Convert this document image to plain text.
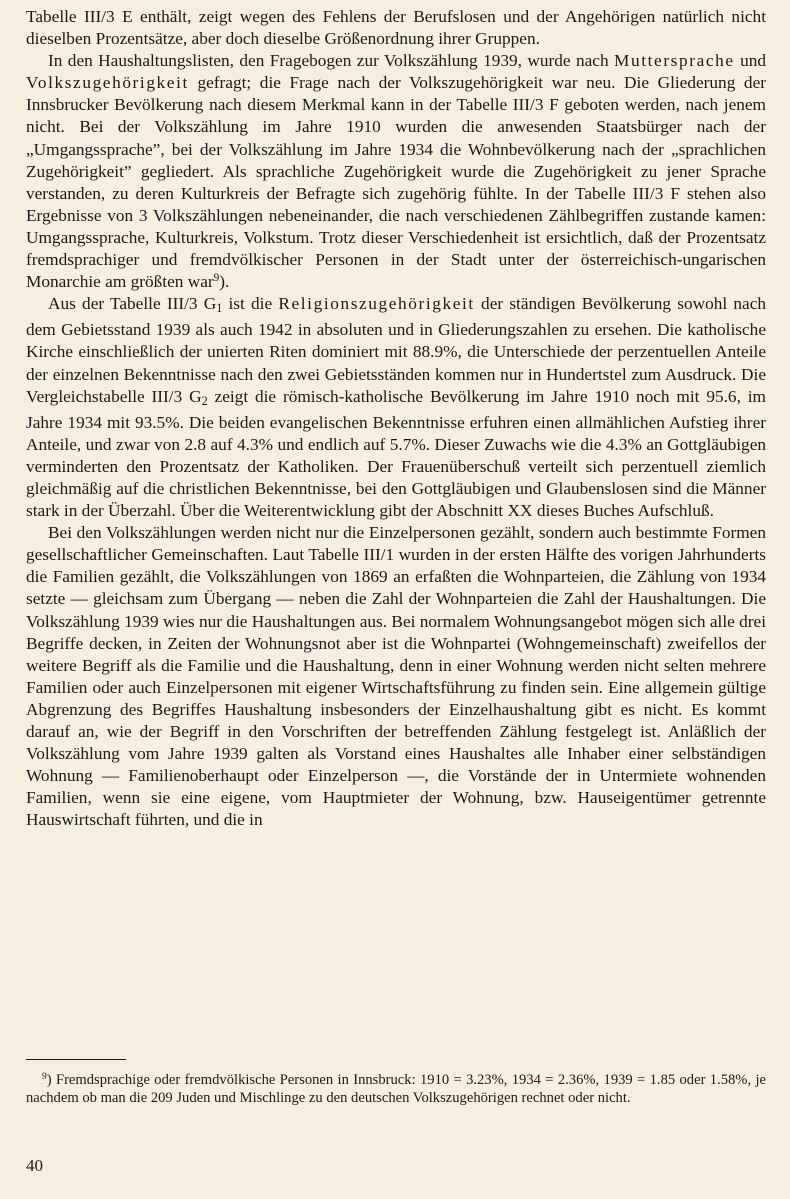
Tabelle III/3 E enthält, zeigt wegen des Fehlens der Berufslosen und der Angehörigen natürlich nicht dieselben Prozentsätze, aber doch dieselbe Größenordnung ihrer Gruppen.

In den Haushaltungslisten, den Fragebogen zur Volkszählung 1939, wurde nach Muttersprache und Volkszugehörigkeit gefragt; die Frage nach der Volkszugehörigkeit war neu. Die Gliederung der Innsbrucker Bevölkerung nach diesem Merkmal kann in der Tabelle III/3 F geboten werden, nach jenem nicht. Bei der Volkszählung im Jahre 1910 wurden die anwesenden Staatsbürger nach der „Umgangssprache”, bei der Volkszählung im Jahre 1934 die Wohnbevölkerung nach der „sprachlichen Zugehörigkeit” gegliedert. Als sprachliche Zugehörigkeit wurde die Zugehörigkeit zu jener Sprache verstanden, zu deren Kulturkreis der Befragte sich zugehörig fühlte. In der Tabelle III/3 F stehen also Ergebnisse von 3 Volkszählungen nebeneinander, die nach verschiedenen Zählbegriffen zustande kamen: Umgangssprache, Kulturkreis, Volkstum. Trotz dieser Verschiedenheit ist ersichtlich, daß der Prozentsatz fremdsprachiger und fremdvölkischer Personen in der Stadt unter der österreichisch-ungarischen Monarchie am größten war$^9$).

Aus der Tabelle III/3 $G_1$ ist die Religionszugehörigkeit der ständigen Bevölkerung sowohl nach dem Gebietsstand 1939 als auch 1942 in absoluten und in Gliederungszahlen zu ersehen. Die katholische Kirche einschließlich der unierten Riten dominiert mit 88.9%, die Unterschiede der perzentuellen Anteile der einzelnen Bekenntnisse nach den zwei Gebietsständen kommen nur in Hundertstel zum Ausdruck. Die Vergleichstabelle III/3 $G_2$ zeigt die römisch-katholische Bevölkerung im Jahre 1910 noch mit 95.6, im Jahre 1934 mit 93.5%. Die beiden evangelischen Bekenntnisse erfuhren einen allmählichen Aufstieg ihrer Anteile, und zwar von 2.8 auf 4.3% und endlich auf 5.7%. Dieser Zuwachs wie die 4.3% an Gottgläubigen verminderten den Prozentsatz der Katholiken. Der Frauenüberschuß verteilt sich perzentuell ziemlich gleichmäßig auf die christlichen Bekenntnisse, bei den Gottgläubigen und Glaubenslosen sind die Männer stark in der Überzahl. Über die Weiterentwicklung gibt der Abschnitt XX dieses Buches Aufschluß.

Bei den Volkszählungen werden nicht nur die Einzelpersonen gezählt, sondern auch bestimmte Formen gesellschaftlicher Gemeinschaften. Laut Tabelle III/1 wurden in der ersten Hälfte des vorigen Jahrhunderts die Familien gezählt, die Volkszählungen von 1869 an erfaßten die Wohnparteien, die Zählung von 1934 setzte — gleichsam zum Übergang — neben die Zahl der Wohnparteien die Zahl der Haushaltungen. Die Volkszählung 1939 wies nur die Haushaltungen aus. Bei normalem Wohnungsangebot mögen sich alle drei Begriffe decken, in Zeiten der Wohnungsnot aber ist die Wohnpartei (Wohngemeinschaft) zweifellos der weitere Begriff als die Familie und die Haushaltung, denn in einer Wohnung werden nicht selten mehrere Familien oder auch Einzelpersonen mit eigener Wirtschaftsführung zu finden sein. Eine allgemein gültige Abgrenzung des Begriffes Haushaltung insbesonders der Einzelhaushaltung gibt es nicht. Es kommt darauf an, wie der Begriff in den Vorschriften der betreffenden Zählung festgelegt ist. Anläßlich der Volkszählung vom Jahre 1939 galten als Vorstand eines Haushaltes alle Inhaber einer selbständigen Wohnung — Familienoberhaupt oder Einzelperson —, die Vorstände der in Untermiete wohnenden Familien, wenn sie eine eigene, vom Hauptmieter der Wohnung, bzw. Hauseigentümer getrennte Hauswirtschaft führten, und die in

$^9$) Fremdsprachige oder fremdvölkische Personen in Innsbruck: 1910 = 3.23%, 1934 = 2.36%, 1939 = 1.85 oder 1.58%, je nachdem ob man die 209 Juden und Mischlinge zu den deutschen Volkszugehörigen rechnet oder nicht.

40
